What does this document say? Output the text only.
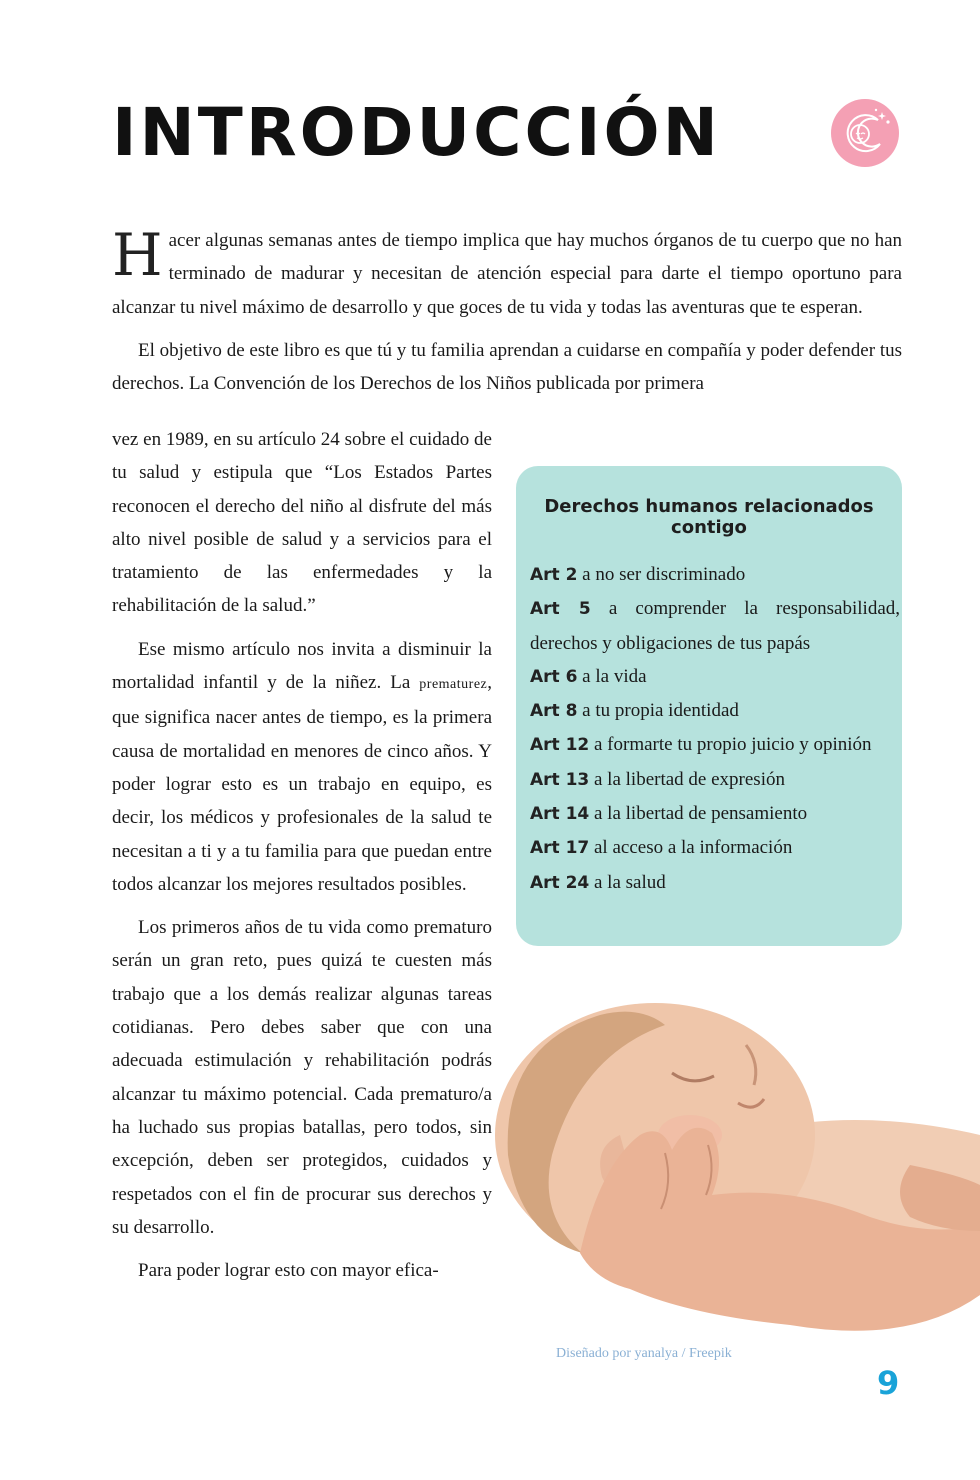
INTRODUCCIÓN

Hacer algunas semanas antes de tiempo implica que hay muchos órganos de tu cuerpo que no han terminado de madurar y necesitan de atención especial para darte el tiempo oportuno para alcanzar tu nivel máximo de desarrollo y que goces de tu vida y todas las aventuras que te esperan.

El objetivo de este libro es que tú y tu familia aprendan a cuidarse en compañía y poder defender tus derechos. La Convención de los Derechos de los Niños publicada por primera

vez en 1989, en su artículo 24 sobre el cuidado de tu salud y estipula que “Los Estados Partes reconocen el derecho del niño al disfrute del más alto nivel posible de salud y a servicios para el tratamiento de las enfermedades y la rehabilitación de la salud.”

Ese mismo artículo nos invita a disminuir la mortalidad infantil y de la niñez. La prematurez, que significa nacer antes de tiempo, es la primera causa de mortalidad en menores de cinco años. Y poder lograr esto es un trabajo en equipo, es decir, los médicos y profesionales de la salud te necesitan a ti y a tu familia para que puedan entre todos alcanzar los mejores resultados posibles.

Los primeros años de tu vida como prematuro serán un gran reto, pues quizá te cuesten más trabajo que a los demás realizar algunas tareas cotidianas. Pero debes saber que con una adecuada estimulación y rehabilitación podrás alcanzar tu máximo potencial. Cada prematuro/a ha luchado sus propias batallas, pero todos, sin excepción, deben ser protegidos, cuidados y respetados con el fin de procurar sus derechos y su desarrollo.

Para poder lograr esto con mayor efica-

Derechos humanos relacionados contigo
Art 2 a no ser discriminado
Art 5 a comprender la responsabilidad, derechos y obligaciones de tus papás
Art 6 a la vida
Art 8 a tu propia identidad
Art 12 a formarte tu propio juicio y opinión
Art 13 a la libertad de expresión
Art 14 a la libertad de pensamiento
Art 17 al acceso a la información
Art 24 a la salud

Diseñado por yanalya / Freepik

9
